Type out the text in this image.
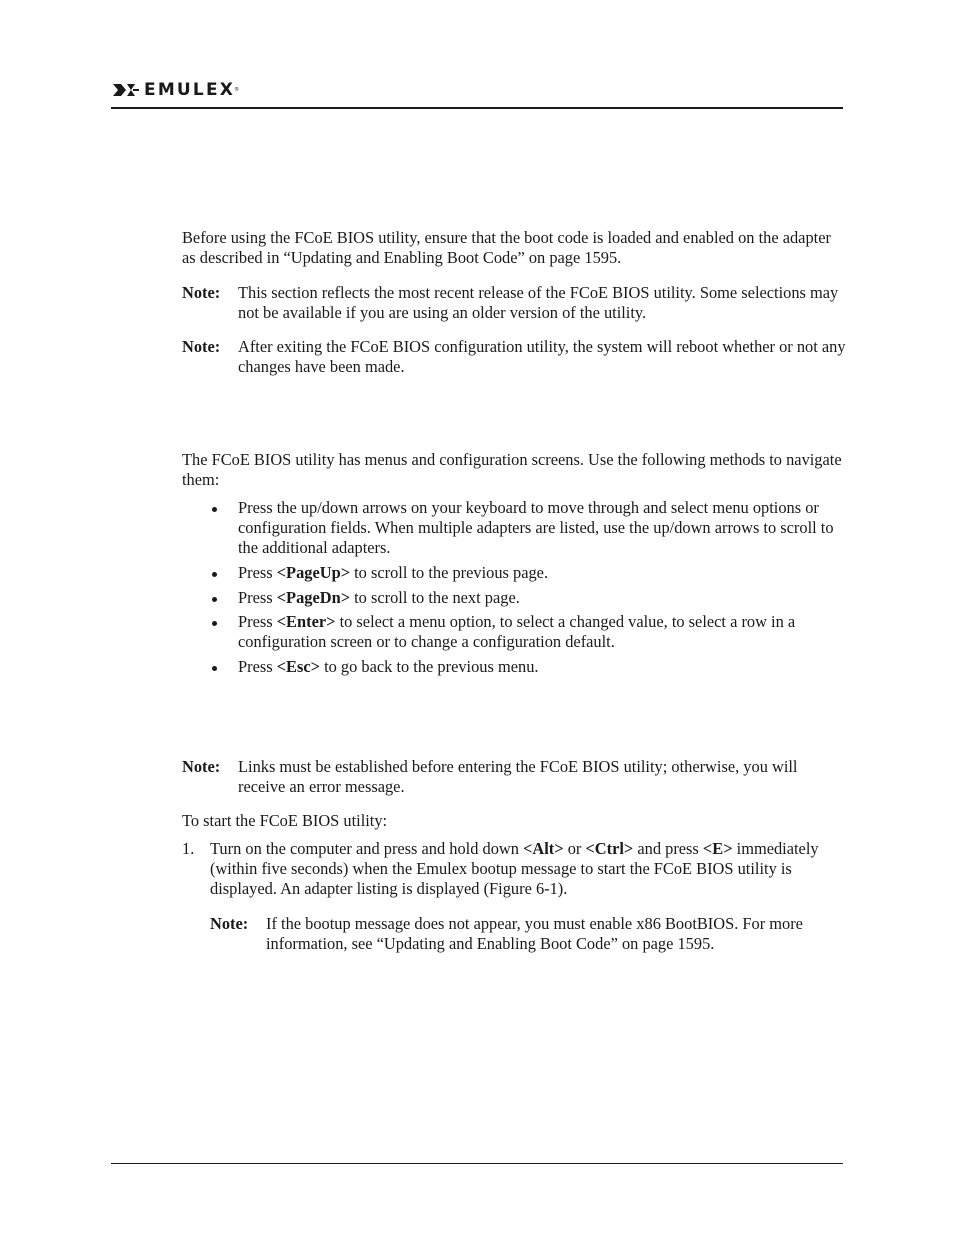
EMULEX ®

Before using the FCoE BIOS utility, ensure that the boot code is loaded and enabled on the adapter as described in “Updating and Enabling Boot Code” on page 1595.

Note:	This section reflects the most recent release of the FCoE BIOS utility. Some selections may not be available if you are using an older version of the utility.
Note:	After exiting the FCoE BIOS configuration utility, the system will reboot whether or not any changes have been made.

The FCoE BIOS utility has menus and configuration screens. Use the following methods to navigate them:

Press the up/down arrows on your keyboard to move through and select menu options or configuration fields. When multiple adapters are listed, use the up/down arrows to scroll to the additional adapters.
Press <PageUp> to scroll to the previous page.
Press <PageDn> to scroll to the next page.
Press <Enter> to select a menu option, to select a changed value, to select a row in a configuration screen or to change a configuration default.
Press <Esc> to go back to the previous menu.
Note:	Links must be established before entering the FCoE BIOS utility; otherwise, you will receive an error message.

To start the FCoE BIOS utility:

1. Turn on the computer and press and hold down <Alt> or <Ctrl> and press <E> immediately (within five seconds) when the Emulex bootup message to start the FCoE BIOS utility is displayed. An adapter listing is displayed (Figure 6-1).
Note:	If the bootup message does not appear, you must enable x86 BootBIOS. For more information, see “Updating and Enabling Boot Code” on page 1595.
